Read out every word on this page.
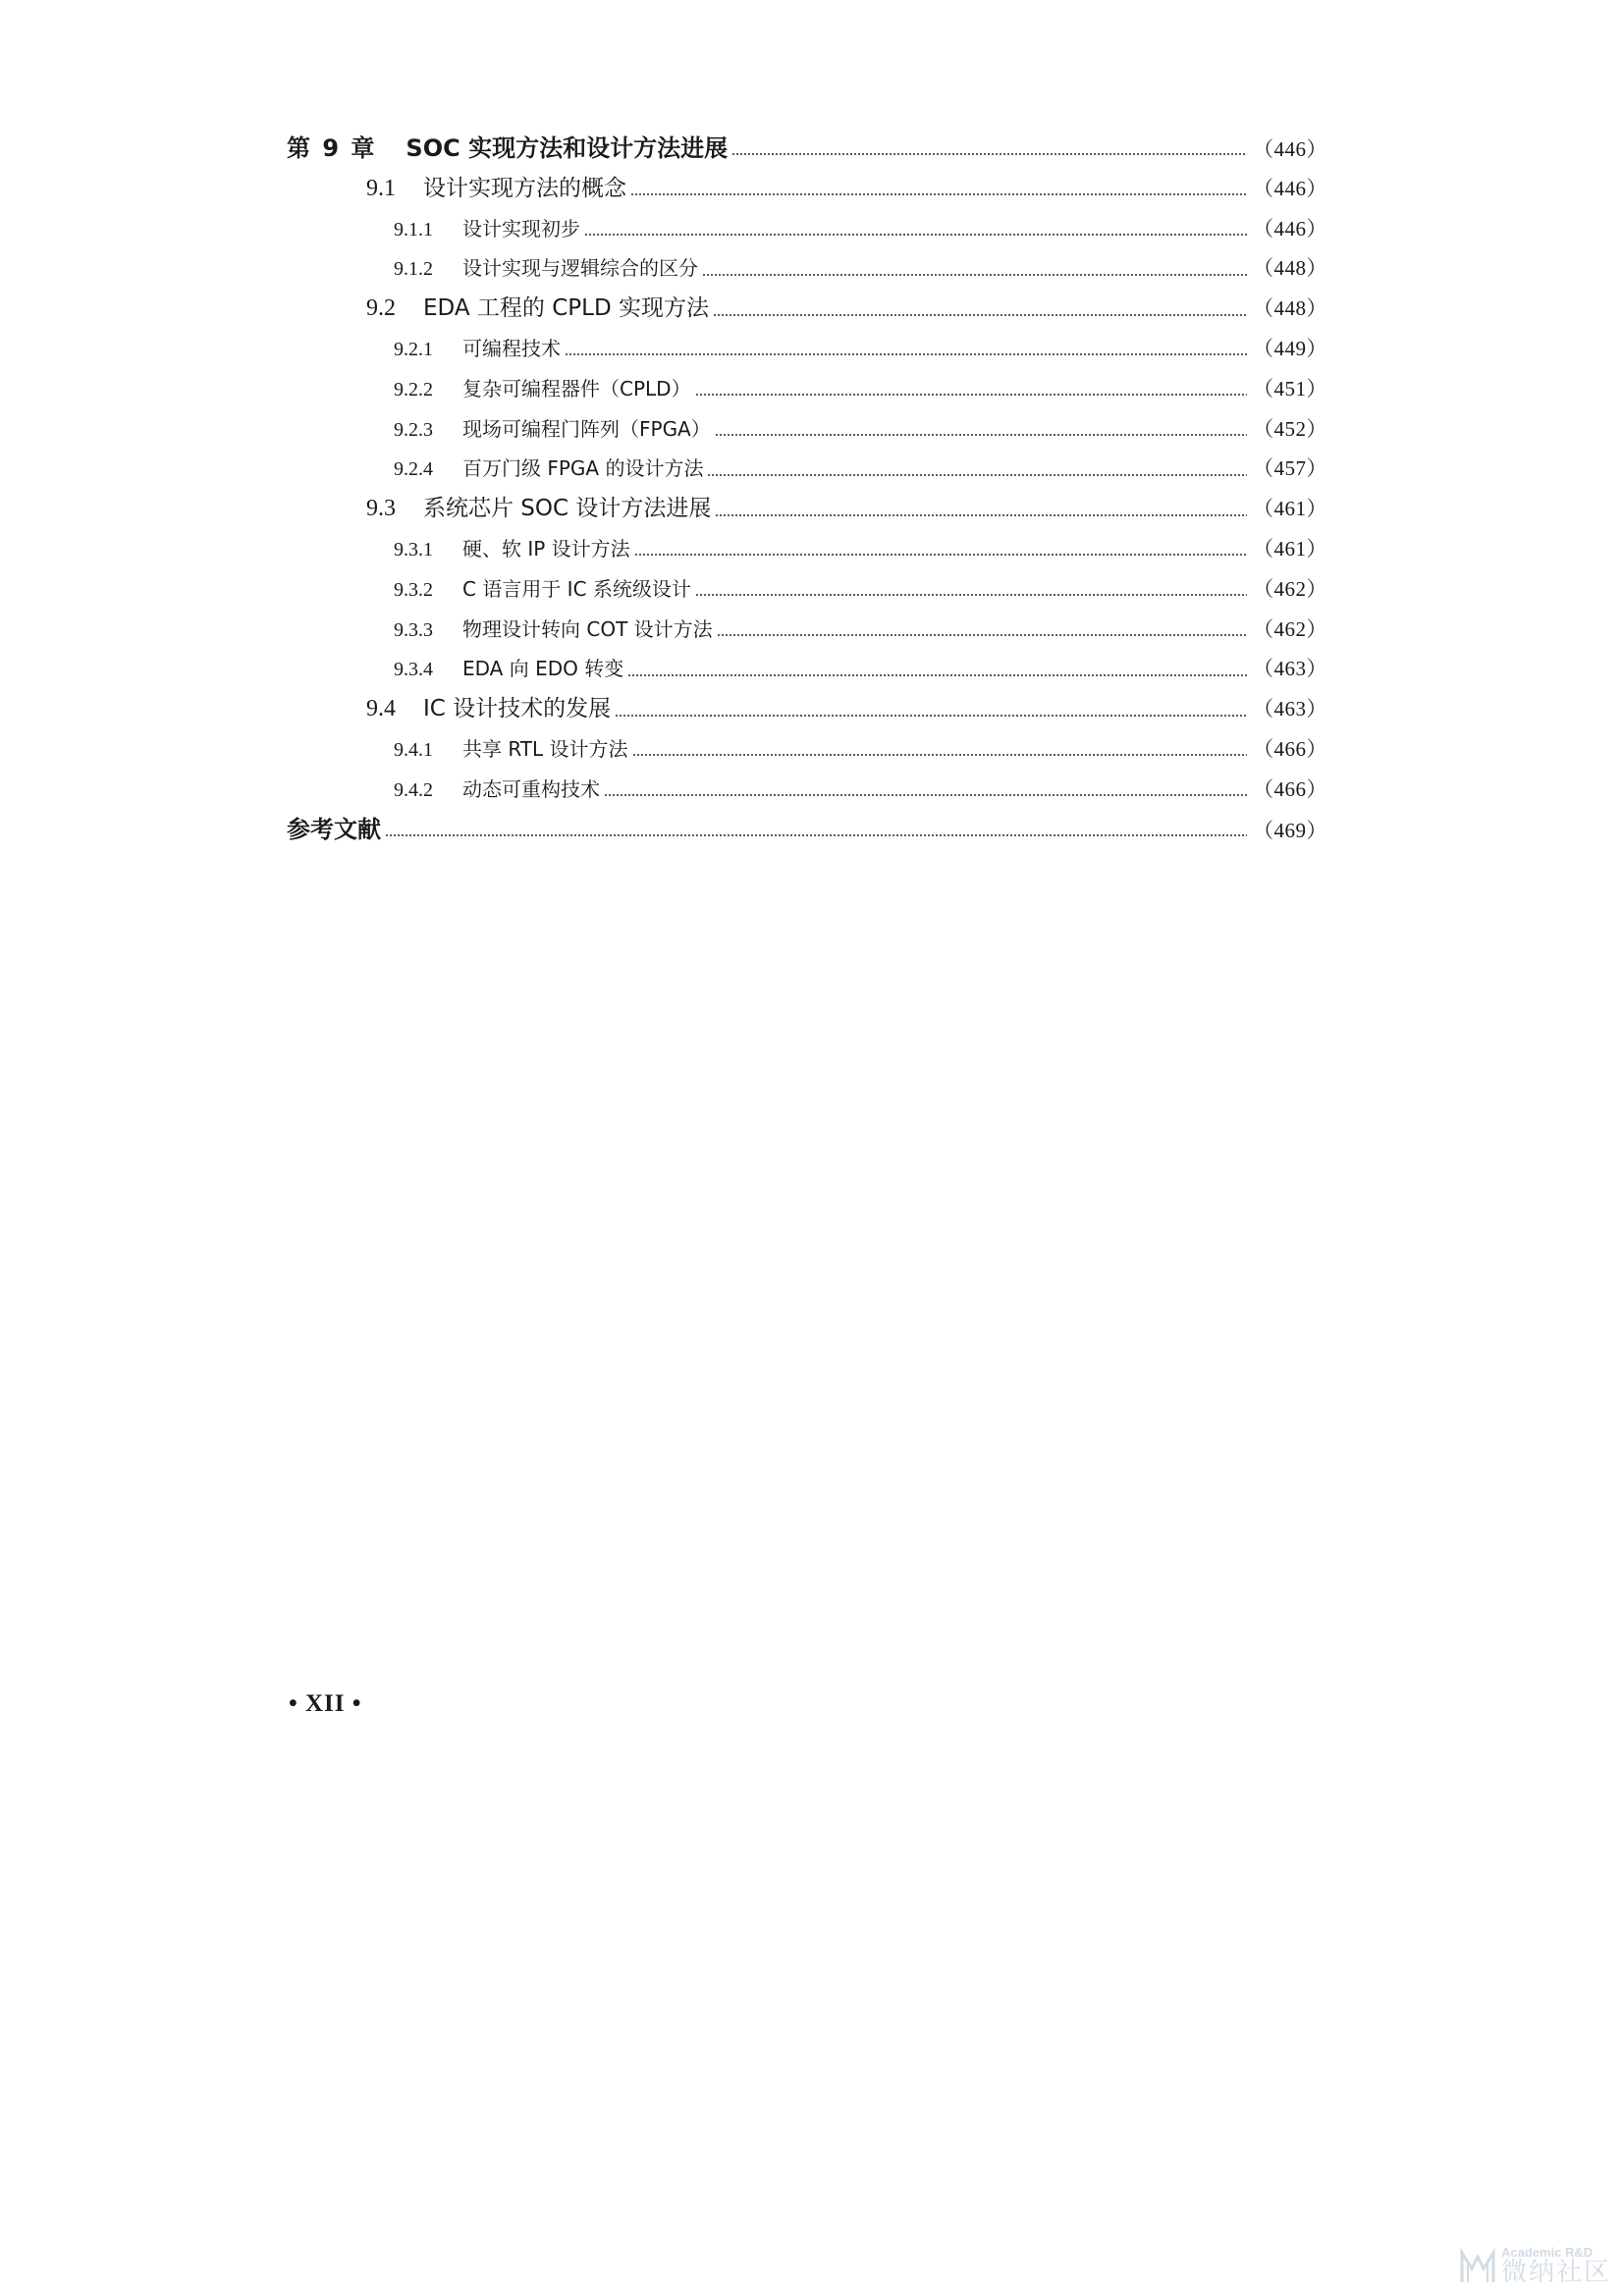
第 9 章 SOC 实现方法和设计方法进展	（446）
9.1	设计实现方法的概念	（446）
9.1.1	设计实现初步	（446）
9.1.2	设计实现与逻辑综合的区分	（448）
9.2	EDA 工程的 CPLD 实现方法	（448）
9.2.1	可编程技术	（449）
9.2.2	复杂可编程器件（CPLD）	（451）
9.2.3	现场可编程门阵列（FPGA）	（452）
9.2.4	百万门级 FPGA 的设计方法	（457）
9.3	系统芯片 SOC 设计方法进展	（461）
9.3.1	硬、软 IP 设计方法	（461）
9.3.2	C 语言用于 IC 系统级设计	（462）
9.3.3	物理设计转向 COT 设计方法	（462）
9.3.4	EDA 向 EDO 转变	（463）
9.4	IC 设计技术的发展	（463）
9.4.1	共享 RTL 设计方法	（466）
9.4.2	动态可重构技术	（466）
参考文献	（469）
• XII •
Academic R&D
微纳社区
